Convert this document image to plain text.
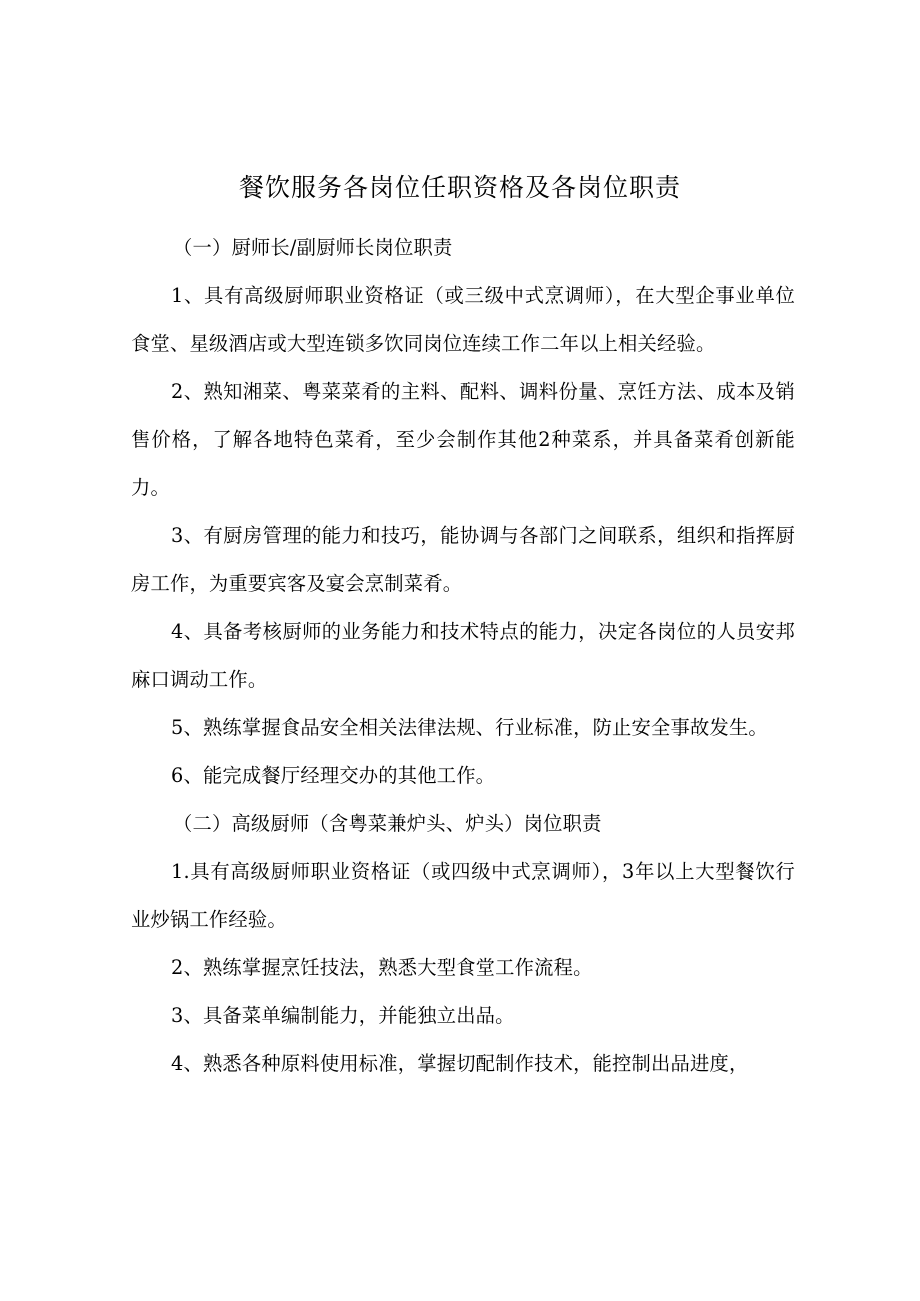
餐饮服务各岗位任职资格及各岗位职责

（一）厨师长/副厨师长岗位职责

1、具有高级厨师职业资格证（或三级中式烹调师），在大型企事业单位食堂、星级酒店或大型连锁多饮同岗位连续工作二年以上相关经验。

2、熟知湘菜、粤菜菜肴的主料、配料、调料份量、烹饪方法、成本及销售价格，了解各地特色菜肴，至少会制作其他2种菜系，并具备菜肴创新能力。

3、有厨房管理的能力和技巧，能协调与各部门之间联系，组织和指挥厨房工作，为重要宾客及宴会烹制菜肴。

4、具备考核厨师的业务能力和技术特点的能力，决定各岗位的人员安邦麻口调动工作。

5、熟练掌握食品安全相关法律法规、行业标准，防止安全事故发生。

6、能完成餐厅经理交办的其他工作。

（二）高级厨师（含粤菜兼炉头、炉头）岗位职责

1.具有高级厨师职业资格证（或四级中式烹调师），3年以上大型餐饮行业炒锅工作经验。

2、熟练掌握烹饪技法，熟悉大型食堂工作流程。

3、具备菜单编制能力，并能独立出品。

4、熟悉各种原料使用标准，掌握切配制作技术，能控制出品进度，
